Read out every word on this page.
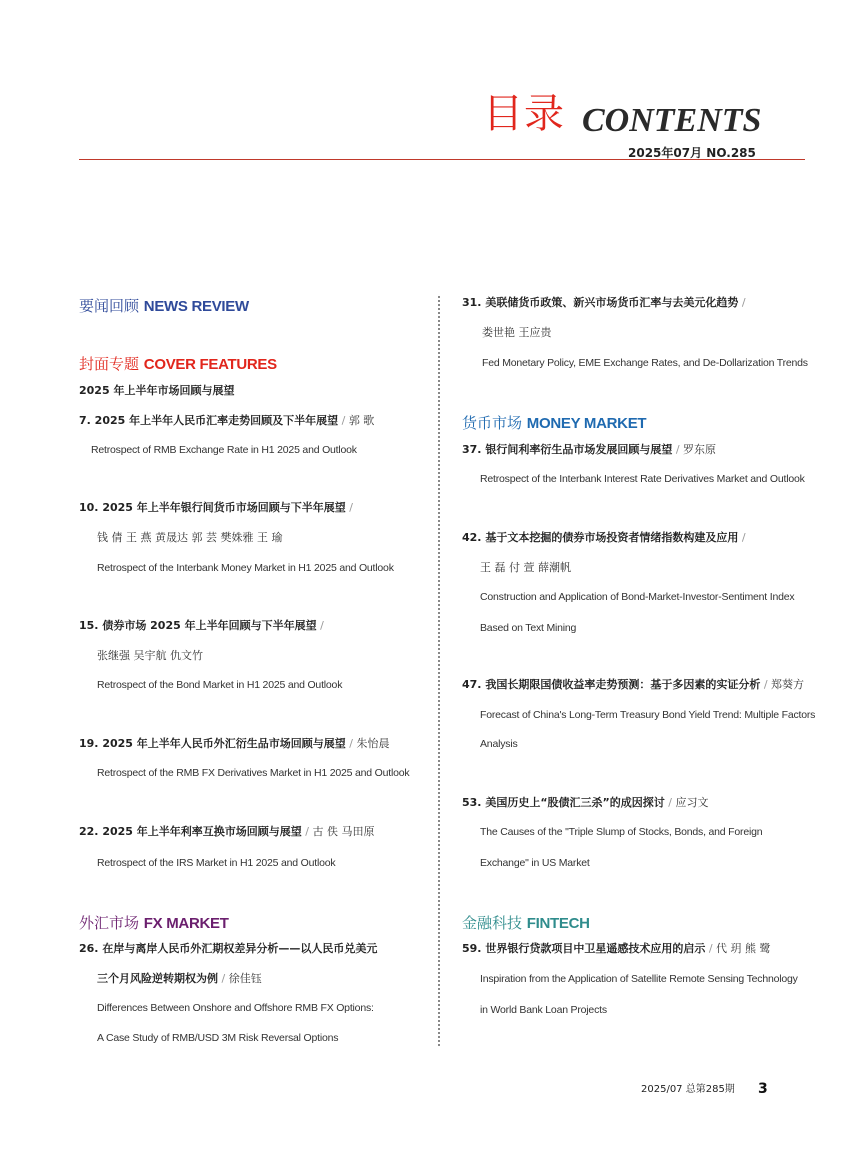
目录 CONTENTS
2025年07月 NO.285
要闻回顾 NEWS REVIEW
封面专题 COVER FEATURES
2025 年上半年市场回顾与展望
7. 2025 年上半年人民币汇率走势回顾及下半年展望 / 郭 歌
Retrospect of RMB Exchange Rate in H1 2025 and Outlook
10. 2025 年上半年银行间货币市场回顾与下半年展望 /
钱 倩 王 燕 黄晟达 郭 芸 樊姝雅 王 瑜
Retrospect of the Interbank Money Market in H1 2025 and Outlook
15. 债券市场 2025 年上半年回顾与下半年展望 /
张继强 吴宇航 仇文竹
Retrospect of the Bond Market in H1 2025 and Outlook
19. 2025 年上半年人民币外汇衍生品市场回顾与展望 / 朱怡晨
Retrospect of the RMB FX Derivatives Market in H1 2025 and Outlook
22. 2025 年上半年利率互换市场回顾与展望 / 古 佚 马田原
Retrospect of the IRS Market in H1 2025 and Outlook
外汇市场 FX MARKET
26. 在岸与离岸人民币外汇期权差异分析——以人民币兑美元
三个月风险逆转期权为例 / 徐佳钰
Differences Between Onshore and Offshore RMB FX Options:
A Case Study of RMB/USD 3M Risk Reversal Options
31. 美联储货币政策、新兴市场货币汇率与去美元化趋势 /
娄世艳 王应贵
Fed Monetary Policy, EME Exchange Rates, and De-Dollarization Trends
货币市场 MONEY MARKET
37. 银行间利率衍生品市场发展回顾与展望 / 罗东原
Retrospect of the Interbank Interest Rate Derivatives Market and Outlook
42. 基于文本挖掘的债券市场投资者情绪指数构建及应用 /
王 磊 付 萱 薛潮帆
Construction and Application of Bond-Market-Investor-Sentiment Index
Based on Text Mining
47. 我国长期限国债收益率走势预测：基于多因素的实证分析 / 郑葵方
Forecast of China's Long-Term Treasury Bond Yield Trend: Multiple Factors
Analysis
53. 美国历史上“股债汇三杀”的成因探讨 / 应习文
The Causes of the "Triple Slump of Stocks, Bonds, and Foreign
Exchange" in US Market
金融科技 FINTECH
59. 世界银行贷款项目中卫星遥感技术应用的启示 / 代 玥 熊 鹭
Inspiration from the Application of Satellite Remote Sensing Technology
in World Bank Loan Projects
2025/07 总第285期 3
